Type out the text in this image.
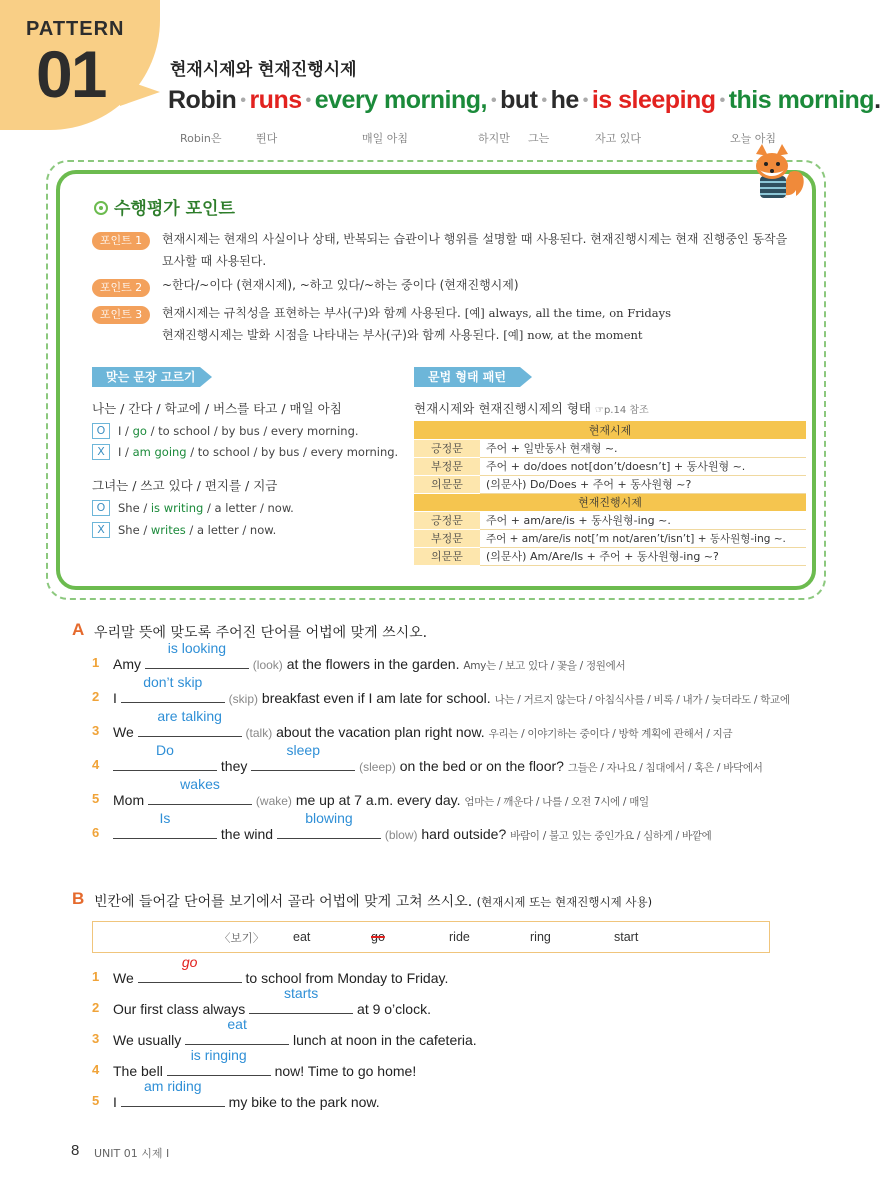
PATTERN
01	현재시제와 현재진행시제
Robin • runs • every morning, • but • he • is sleeping • this morning.
Robin은	뛴다	매일 아침	하지만 그는	자고 있다	오늘 아침
수행평가 포인트
포인트 1	현재시제는 현재의 사실이나 상태, 반복되는 습관이나 행위를 설명할 때 사용된다. 현재진행시제는 현재 진행중인 동작을
묘사할 때 사용된다.
포인트 2	~한다/~이다 (현재시제), ~하고 있다/~하는 중이다 (현재진행시제)
포인트 3	현재시제는 규칙성을 표현하는 부사(구)와 함께 사용된다. [예] always, all the time, on Fridays
현재진행시제는 발화 시점을 나타내는 부사(구)와 함께 사용된다. [예] now, at the moment
맞는 문장 고르기
나는 / 간다 / 학교에 / 버스를 타고 / 매일 아침
O	I / go / to school / by bus / every morning.
X	I / am going / to school / by bus / every morning.
그녀는 / 쓰고 있다 / 편지를 / 지금
O	She / is writing / a letter / now.
X	She / writes / a letter / now.
문법 형태 패턴
현재시제와 현재진행시제의 형태 ☞p.14 참조
현재시제	
긍정문	주어 + 일반동사 현재형 ~.
부정문	주어 + do/does not[don’t/doesn’t] + 동사원형 ~.
의문문	(의문사) Do/Does + 주어 + 동사원형 ~?
현재진행시제	
긍정문	주어 + am/are/is + 동사원형-ing ~.
부정문	주어 + am/are/is not[’m not/aren’t/isn’t] + 동사원형-ing ~.
의문문	(의문사) Am/Are/Is + 주어 + 동사원형-ing ~?
A 우리말 뜻에 맞도록 주어진 단어를 어법에 맞게 쓰시오.
1 Amy
is looking
(look) at the flowers in the garden. Amy는 / 보고 있다 / 꽃을 / 정원에서
2 I
don’t skip
(skip) breakfast even if I am late for school. 나는 / 거르지 않는다 / 아침식사를 / 비록 / 내가 / 늦더라도 / 학교에
3 We
are talking
(talk) about the vacation plan right now. 우리는 / 이야기하는 중이다 / 방학 계획에 관해서 / 지금
4
Do
they
sleep
(sleep) on the bed or on the floor? 그들은 / 자나요 / 침대에서 / 혹은 / 바닥에서
5 Mom
wakes
(wake) me up at 7 a.m. every day. 엄마는 / 깨운다 / 나를 / 오전 7시에 / 매일
6
Is
the wind
blowing
(blow) hard outside? 바람이 / 불고 있는 중인가요 / 심하게 / 바깥에
B 빈칸에 들어갈 단어를 보기에서 골라 어법에 맞게 고쳐 쓰시오. (현재시제 또는 현재진행시제 사용)
〈보기〉 eat	go	ride	ring	start
1 We
go
to school from Monday to Friday.
2 Our first class always
starts
at 9 o’clock.
3 We usually
eat
lunch at noon in the cafeteria.
4 The bell
is ringing
now! Time to go home!
5 I
am riding
my bike to the park now.
8 UNIT 01 시제 I
